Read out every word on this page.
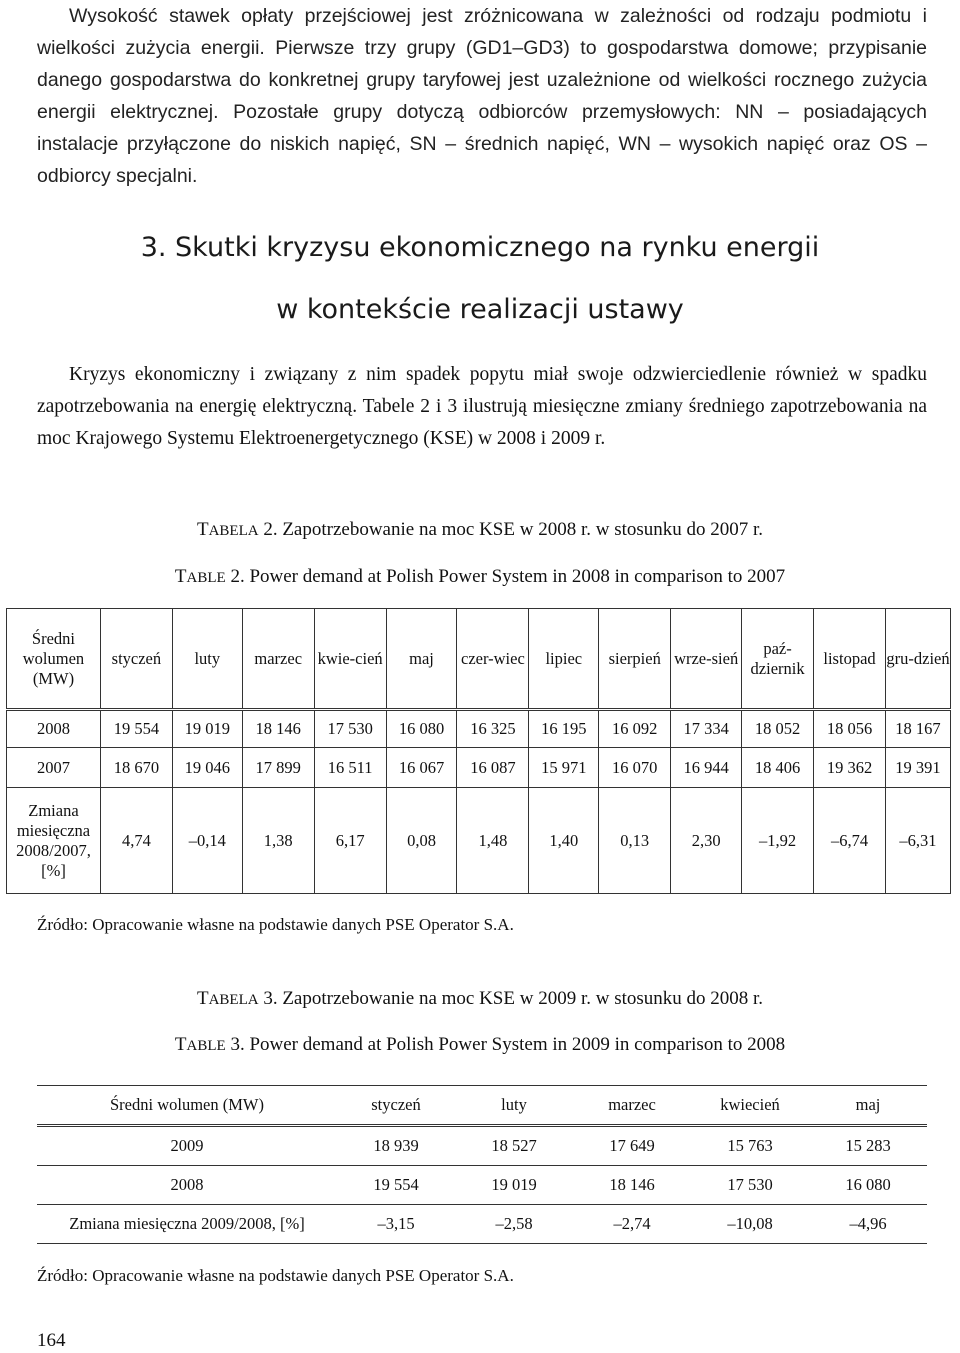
Wysokość stawek opłaty przejściowej jest zróżnicowana w zależności od rodzaju podmiotu i wielkości zużycia energii. Pierwsze trzy grupy (GD1–GD3) to gospodarstwa domowe; przypisanie danego gospodarstwa do konkretnej grupy taryfowej jest uzależnione od wielkości rocznego zużycia energii elektrycznej. Pozostałe grupy dotyczą odbiorców przemysłowych: NN – posiadających instalacje przyłączone do niskich napięć, SN – średnich napięć, WN – wysokich napięć oraz OS – odbiorcy specjalni.
3. Skutki kryzysu ekonomicznego na rynku energii
w kontekście realizacji ustawy
Kryzys ekonomiczny i związany z nim spadek popytu miał swoje odzwierciedlenie również w spadku zapotrzebowania na energię elektryczną. Tabele 2 i 3 ilustrują miesięczne zmiany średniego zapotrzebowania na moc Krajowego Systemu Elektroenergetycznego (KSE) w 2008 i 2009 r.
TABELA 2. Zapotrzebowanie na moc KSE w 2008 r. w stosunku do 2007 r.
TABLE 2. Power demand at Polish Power System in 2008 in comparison to 2007
Średni wolumen (MW)	styczeń	luty	marzec	kwie-cień	maj	czer-wiec	lipiec	sierpień	wrze-sień	paź-dziernik	listopad	gru-dzień
2008	19 554	19 019	18 146	17 530	16 080	16 325	16 195	16 092	17 334	18 052	18 056	18 167
2007	18 670	19 046	17 899	16 511	16 067	16 087	15 971	16 070	16 944	18 406	19 362	19 391
Zmiana miesięczna 2008/2007, [%]	4,74	–0,14	1,38	6,17	0,08	1,48	1,40	0,13	2,30	–1,92	–6,74	–6,31
Źródło: Opracowanie własne na podstawie danych PSE Operator S.A.
TABELA 3. Zapotrzebowanie na moc KSE w 2009 r. w stosunku do 2008 r.
TABLE 3. Power demand at Polish Power System in 2009 in comparison to 2008
Średni wolumen (MW)	styczeń	luty	marzec	kwiecień	maj
2009	18 939	18 527	17 649	15 763	15 283
2008	19 554	19 019	18 146	17 530	16 080
Zmiana miesięczna 2009/2008, [%]	–3,15	–2,58	–2,74	–10,08	–4,96
Źródło: Opracowanie własne na podstawie danych PSE Operator S.A.
164
